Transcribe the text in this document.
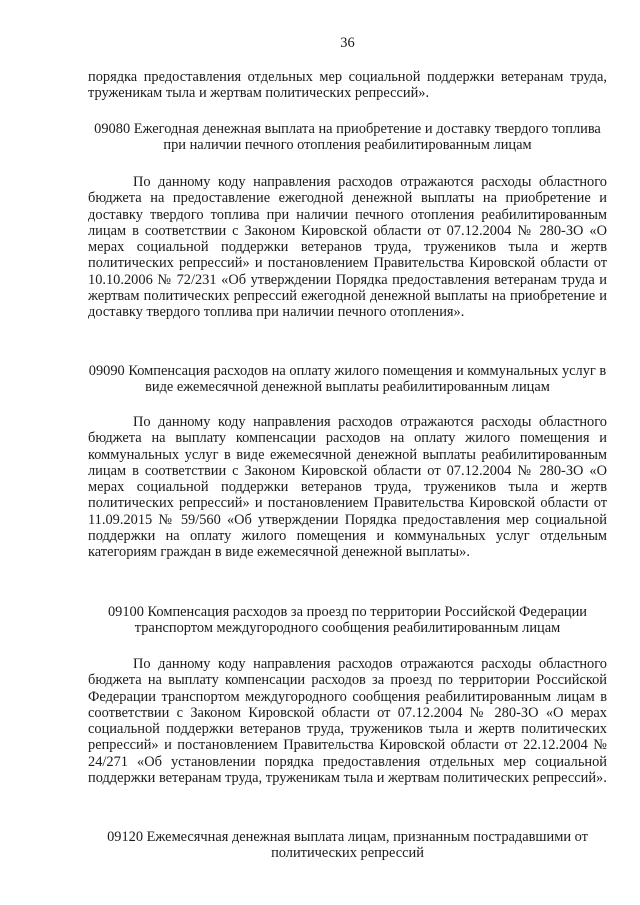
36

порядка предоставления отдельных мер социальной поддержки ветеранам труда, труженикам тыла и жертвам политических репрессий».

09080 Ежегодная денежная выплата на приобретение и доставку твердого топлива при наличии печного отопления реабилитированным лицам

По данному коду направления расходов отражаются расходы областного бюджета на предоставление ежегодной денежной выплаты на приобретение и доставку твердого топлива при наличии печного отопления реабилитированным лицам в соответствии с Законом Кировской области от 07.12.2004 № 280-ЗО «О мерах социальной поддержки ветеранов труда, тружеников тыла и жертв политических репрессий» и постановлением Правительства Кировской области от 10.10.2006 № 72/231 «Об утверждении Порядка предоставления ветеранам труда и жертвам политических репрессий ежегодной денежной выплаты на приобретение и доставку твердого топлива при наличии печного отопления».

09090 Компенсация расходов на оплату жилого помещения и коммунальных услуг в виде ежемесячной денежной выплаты реабилитированным лицам

По данному коду направления расходов отражаются расходы областного бюджета на выплату компенсации расходов на оплату жилого помещения и коммунальных услуг в виде ежемесячной денежной выплаты реабилитированным лицам в соответствии с Законом Кировской области от 07.12.2004 № 280-ЗО «О мерах социальной поддержки ветеранов труда, тружеников тыла и жертв политических репрессий» и постановлением Правительства Кировской области от 11.09.2015 № 59/560 «Об утверждении Порядка предоставления мер социальной поддержки на оплату жилого помещения и коммунальных услуг отдельным категориям граждан в виде ежемесячной денежной выплаты».

09100 Компенсация расходов за проезд по территории Российской Федерации транспортом междугородного сообщения реабилитированным лицам

По данному коду направления расходов отражаются расходы областного бюджета на выплату компенсации расходов за проезд по территории Российской Федерации транспортом междугородного сообщения реабилитированным лицам в соответствии с Законом Кировской области от 07.12.2004 № 280-ЗО «О мерах социальной поддержки ветеранов труда, тружеников тыла и жертв политических репрессий» и постановлением Правительства Кировской области от 22.12.2004 № 24/271 «Об установлении порядка предоставления отдельных мер социальной поддержки ветеранам труда, труженикам тыла и жертвам политических репрессий».

09120 Ежемесячная денежная выплата лицам, признанным пострадавшими от политических репрессий
